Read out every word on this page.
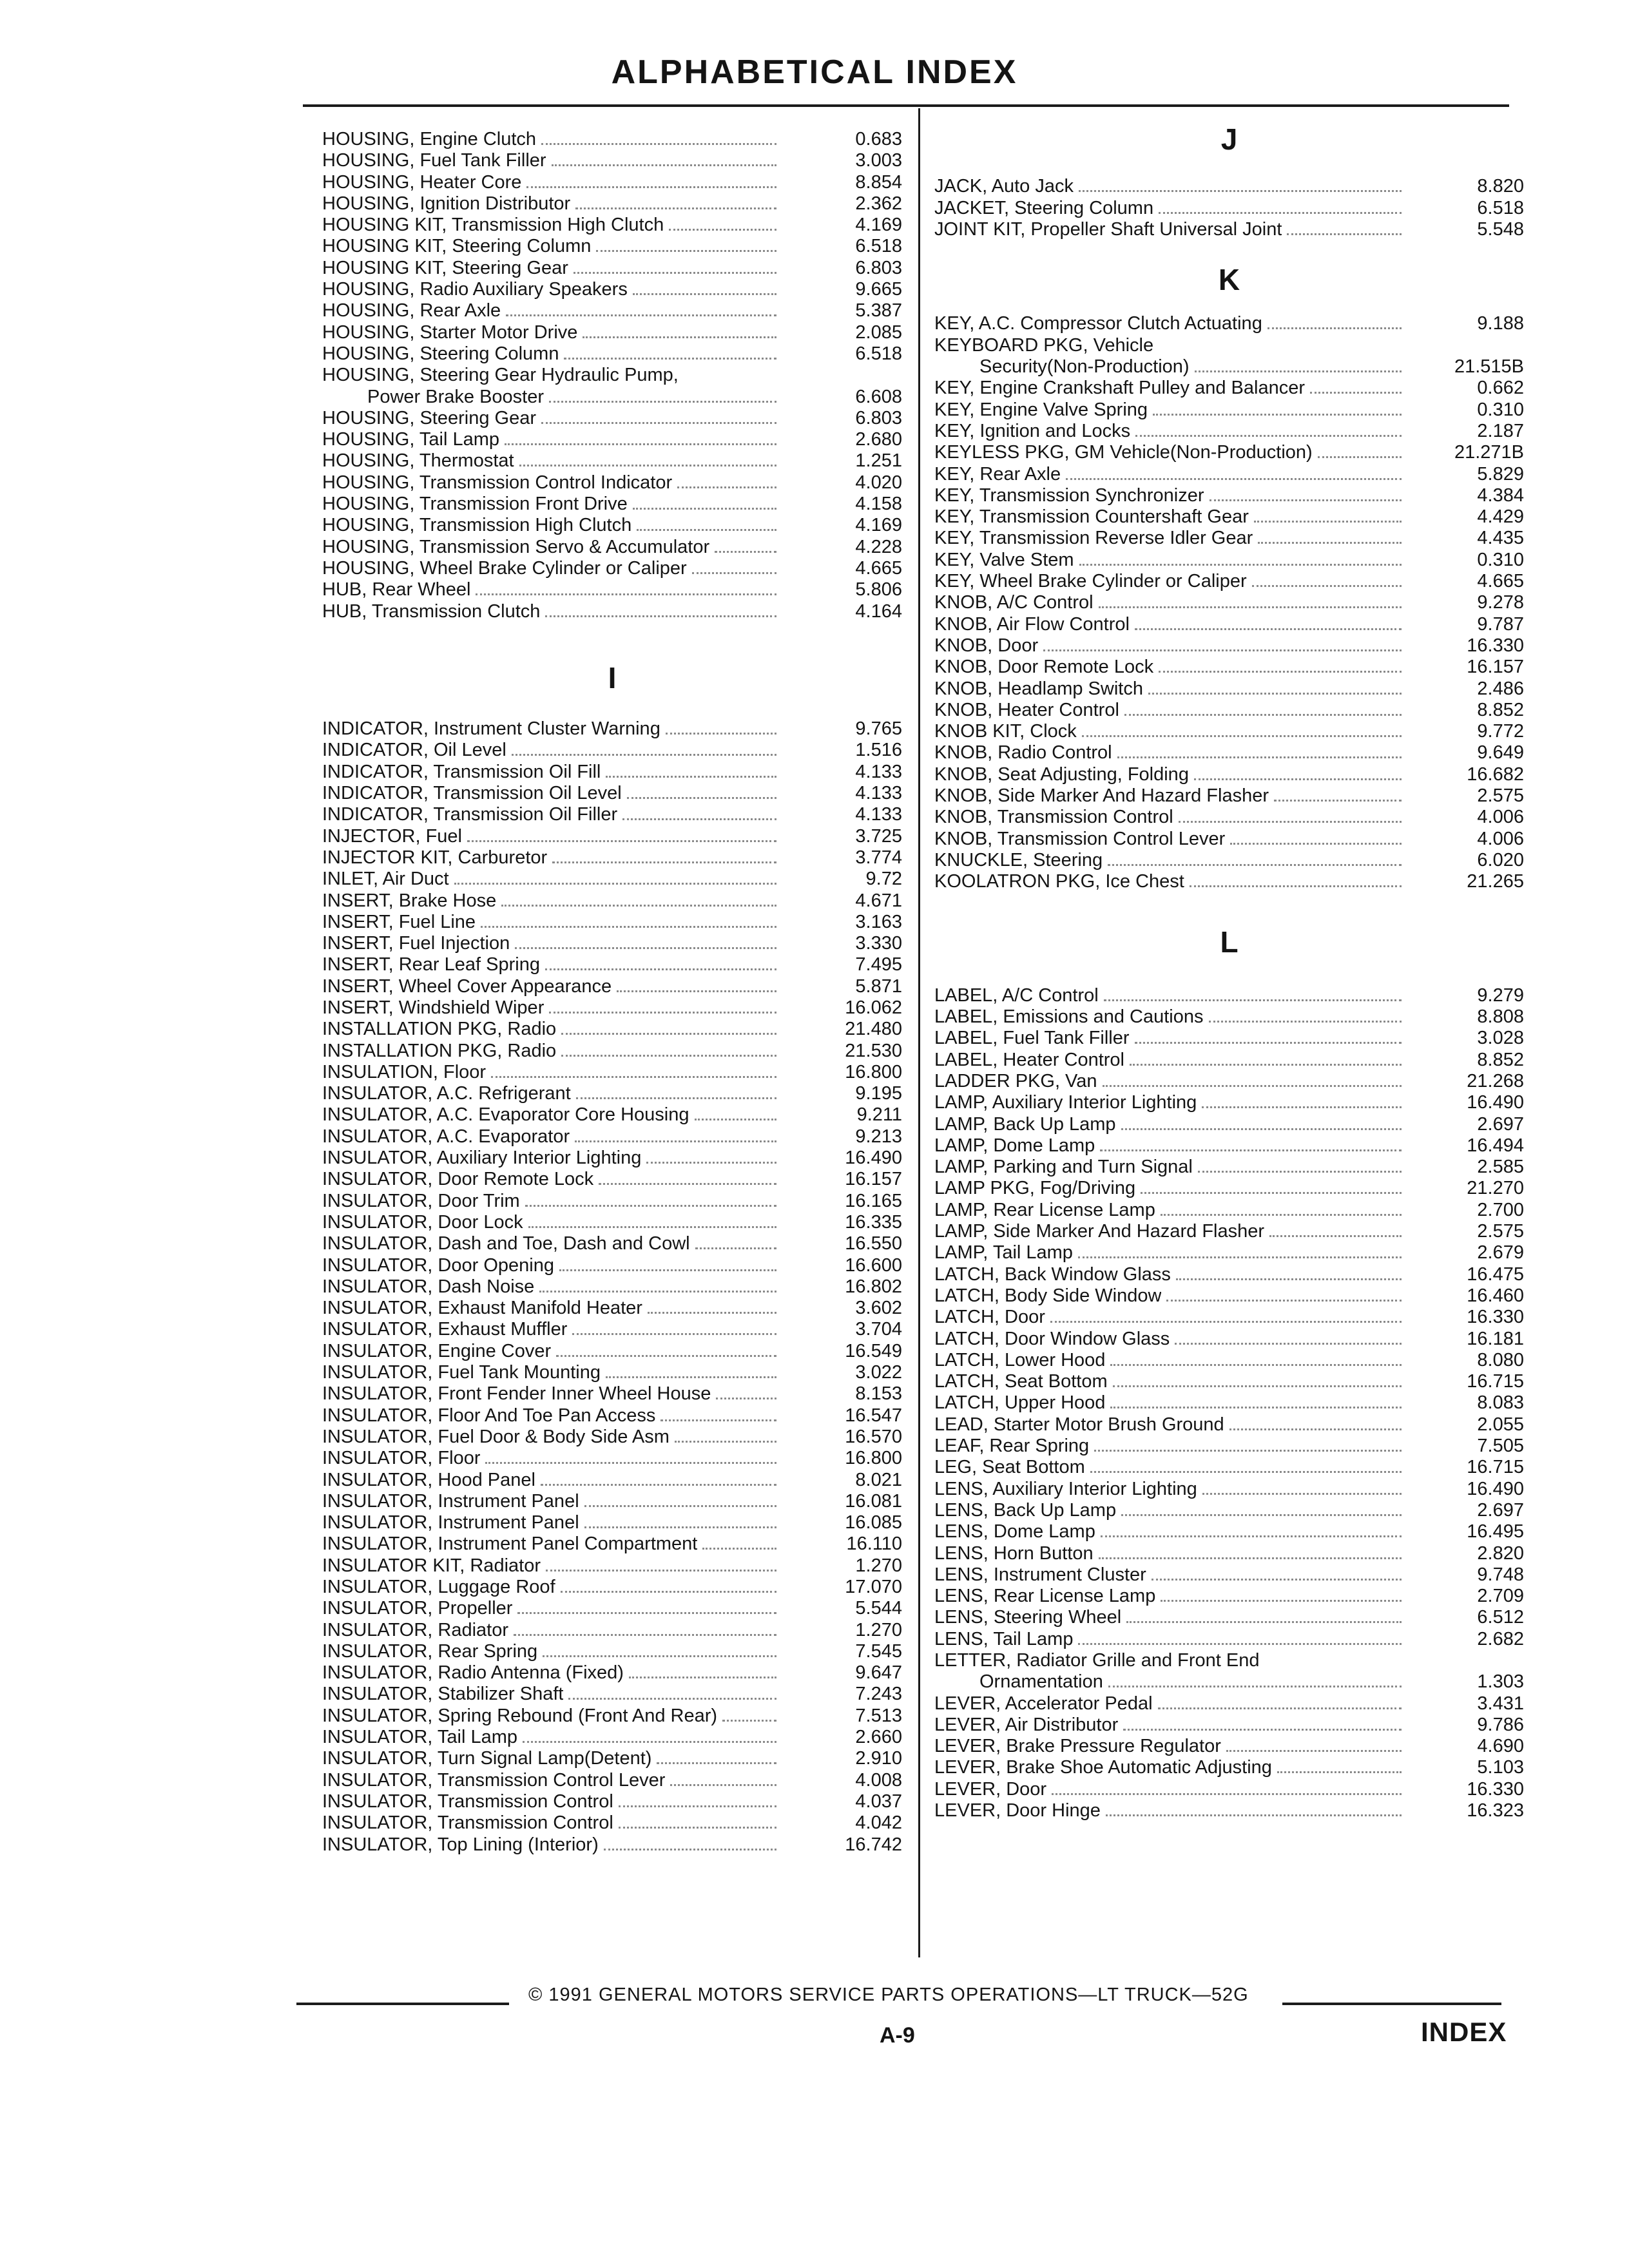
ALPHABETICAL INDEX
HOUSING, Engine Clutch	0.683
HOUSING, Fuel Tank Filler	3.003
HOUSING, Heater Core	8.854
HOUSING, Ignition Distributor	2.362
HOUSING KIT, Transmission High Clutch	4.169
HOUSING KIT, Steering Column	6.518
HOUSING KIT, Steering Gear	6.803
HOUSING, Radio Auxiliary Speakers	9.665
HOUSING, Rear Axle	5.387
HOUSING, Starter Motor Drive	2.085
HOUSING, Steering Column	6.518
HOUSING, Steering Gear Hydraulic Pump,
Power Brake Booster	6.608
HOUSING, Steering Gear	6.803
HOUSING, Tail Lamp	2.680
HOUSING, Thermostat	1.251
HOUSING, Transmission Control Indicator	4.020
HOUSING, Transmission Front Drive	4.158
HOUSING, Transmission High Clutch	4.169
HOUSING, Transmission Servo & Accumulator	4.228
HOUSING, Wheel Brake Cylinder or Caliper	4.665
HUB, Rear Wheel	5.806
HUB, Transmission Clutch	4.164
I
INDICATOR, Instrument Cluster Warning	9.765
INDICATOR, Oil Level	1.516
INDICATOR, Transmission Oil Fill	4.133
INDICATOR, Transmission Oil Level	4.133
INDICATOR, Transmission Oil Filler	4.133
INJECTOR, Fuel	3.725
INJECTOR KIT, Carburetor	3.774
INLET, Air Duct	9.7̈2
INSERT, Brake Hose	4.671
INSERT, Fuel Line	3.163
INSERT, Fuel Injection	3.330
INSERT, Rear Leaf Spring	7.495
INSERT, Wheel Cover Appearance	5.871
INSERT, Windshield Wiper	16.062
INSTALLATION PKG, Radio	21.480
INSTALLATION PKG, Radio	21.530
INSULATION, Floor	16.800
INSULATOR, A.C. Refrigerant	9.195
INSULATOR, A.C. Evaporator Core Housing	9.211
INSULATOR, A.C. Evaporator	9.213
INSULATOR, Auxiliary Interior Lighting	16.490
INSULATOR, Door Remote Lock	16.157
INSULATOR, Door Trim	16.165
INSULATOR, Door Lock	16.335
INSULATOR, Dash and Toe, Dash and Cowl	16.550
INSULATOR, Door Opening	16.600
INSULATOR, Dash Noise	16.802
INSULATOR, Exhaust Manifold Heater	3.602
INSULATOR, Exhaust Muffler	3.704
INSULATOR, Engine Cover	16.549
INSULATOR, Fuel Tank Mounting	3.022
INSULATOR, Front Fender Inner Wheel House	8.153
INSULATOR, Floor And Toe Pan Access	16.547
INSULATOR, Fuel Door & Body Side Asm	16.570
INSULATOR, Floor	16.800
INSULATOR, Hood Panel	8.021
INSULATOR, Instrument Panel	16.081
INSULATOR, Instrument Panel	16.085
INSULATOR, Instrument Panel Compartment	16.110
INSULATOR KIT, Radiator	1.270
INSULATOR, Luggage Roof	17.070
INSULATOR, Propeller	5.544
INSULATOR, Radiator	1.270
INSULATOR, Rear Spring	7.545
INSULATOR, Radio Antenna (Fixed)	9.647
INSULATOR, Stabilizer Shaft	7.243
INSULATOR, Spring Rebound (Front And Rear)	7.513
INSULATOR, Tail Lamp	2.660
INSULATOR, Turn Signal Lamp(Detent)	2.910
INSULATOR, Transmission Control Lever	4.008
INSULATOR, Transmission Control	4.037
INSULATOR, Transmission Control	4.042
INSULATOR, Top Lining (Interior)	16.742
J
JACK, Auto Jack	8.820
JACKET, Steering Column	6.518
JOINT KIT, Propeller Shaft Universal Joint	5.548
K
KEY, A.C. Compressor Clutch Actuating	9.188
KEYBOARD PKG, Vehicle
Security(Non-Production)	21.515B
KEY, Engine Crankshaft Pulley and Balancer	0.662
KEY, Engine Valve Spring	0.310
KEY, Ignition and Locks	2.187
KEYLESS PKG, GM Vehicle(Non-Production)	21.271B
KEY, Rear Axle	5.829
KEY, Transmission Synchronizer	4.384
KEY, Transmission Countershaft Gear	4.429
KEY, Transmission Reverse Idler Gear	4.435
KEY, Valve Stem	0.310
KEY, Wheel Brake Cylinder or Caliper	4.665
KNOB, A/C Control	9.278
KNOB, Air Flow Control	9.787
KNOB, Door	16.330
KNOB, Door Remote Lock	16.157
KNOB, Headlamp Switch	2.486
KNOB, Heater Control	8.852
KNOB KIT, Clock	9.772
KNOB, Radio Control	9.649
KNOB, Seat Adjusting, Folding	16.682
KNOB, Side Marker And Hazard Flasher	2.575
KNOB, Transmission Control	4.006
KNOB, Transmission Control Lever	4.006
KNUCKLE, Steering	6.020
KOOLATRON PKG, Ice Chest	21.265
L
LABEL, A/C Control	9.279
LABEL, Emissions and Cautions	8.808
LABEL, Fuel Tank Filler	3.028
LABEL, Heater Control	8.852
LADDER PKG, Van	21.268
LAMP, Auxiliary Interior Lighting	16.490
LAMP, Back Up Lamp	2.697
LAMP, Dome Lamp	16.494
LAMP, Parking and Turn Signal	2.585
LAMP PKG, Fog/Driving	21.270
LAMP, Rear License Lamp	2.700
LAMP, Side Marker And Hazard Flasher	2.575
LAMP, Tail Lamp	2.679
LATCH, Back Window Glass	16.475
LATCH, Body Side Window	16.460
LATCH, Door	16.330
LATCH, Door Window Glass	16.181
LATCH, Lower Hood	8.080
LATCH, Seat Bottom	16.715
LATCH, Upper Hood	8.083
LEAD, Starter Motor Brush Ground	2.055
LEAF, Rear Spring	7.505
LEG, Seat Bottom	16.715
LENS, Auxiliary Interior Lighting	16.490
LENS, Back Up Lamp	2.697
LENS, Dome Lamp	16.495
LENS, Horn Button	2.820
LENS, Instrument Cluster	9.748
LENS, Rear License Lamp	2.709
LENS, Steering Wheel	6.512
LENS, Tail Lamp	2.682
LETTER, Radiator Grille and Front End
Ornamentation	1.303
LEVER, Accelerator Pedal	3.431
LEVER, Air Distributor	9.786
LEVER, Brake Pressure Regulator	4.690
LEVER, Brake Shoe Automatic Adjusting	5.103
LEVER, Door	16.330
LEVER, Door Hinge	16.323
© 1991 GENERAL MOTORS SERVICE PARTS OPERATIONS—LT TRUCK—52G
A-9	INDEX
